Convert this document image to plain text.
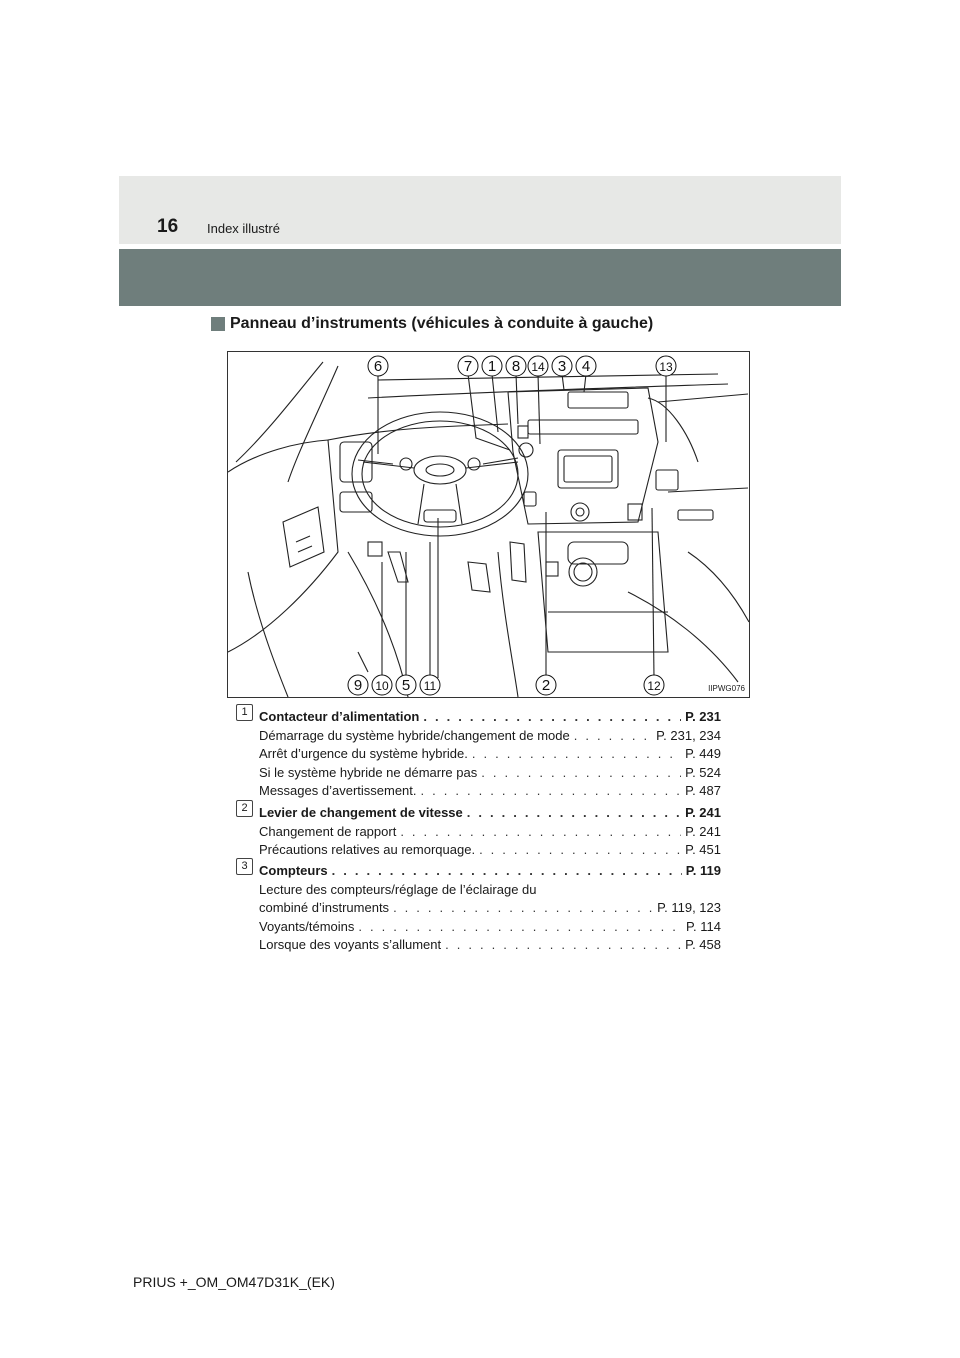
16 Index illustré
Panneau d’instruments (véhicules à conduite à gauche)
6	7 1 8 14 3 4	13
9 10 5 11	2	12	IIPWG076
1 Contacteur d’alimentation . . .	P. 231
Démarrage du système hybride/changement de mode . . .	P. 231, 234
Arrêt d’urgence du système hybride. . . .	P. 449
Si le système hybride ne démarre pas . . .	P. 524
Messages d’avertissement. . . .	P. 487
2 Levier de changement de vitesse . . .	P. 241
Changement de rapport . . .	P. 241
Précautions relatives au remorquage. . . .	P. 451
3 Compteurs . . .	P. 119
Lecture des compteurs/réglage de l’éclairage du
combiné d’instruments . . .	P. 119, 123
Voyants/témoins . . .	P. 114
Lorsque des voyants s’allument . . .	P. 458
PRIUS +_OM_OM47D31K_(EK)
